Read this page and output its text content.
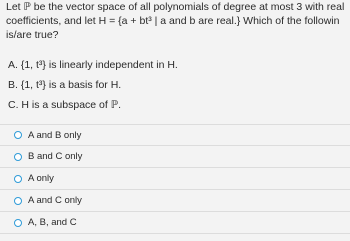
Let ℙ be the vector space of all polynomials of degree at most 3 with real
coefficients, and let H = {a + bt³ | a and b are real.} Which of the followin
is/are true?
A. {1, t³} is linearly independent in H.
B. {1, t³} is a basis for H.
C. H is a subspace of ℙ.
A and B only
B and C only
A only
A and C only
A, B, and C
